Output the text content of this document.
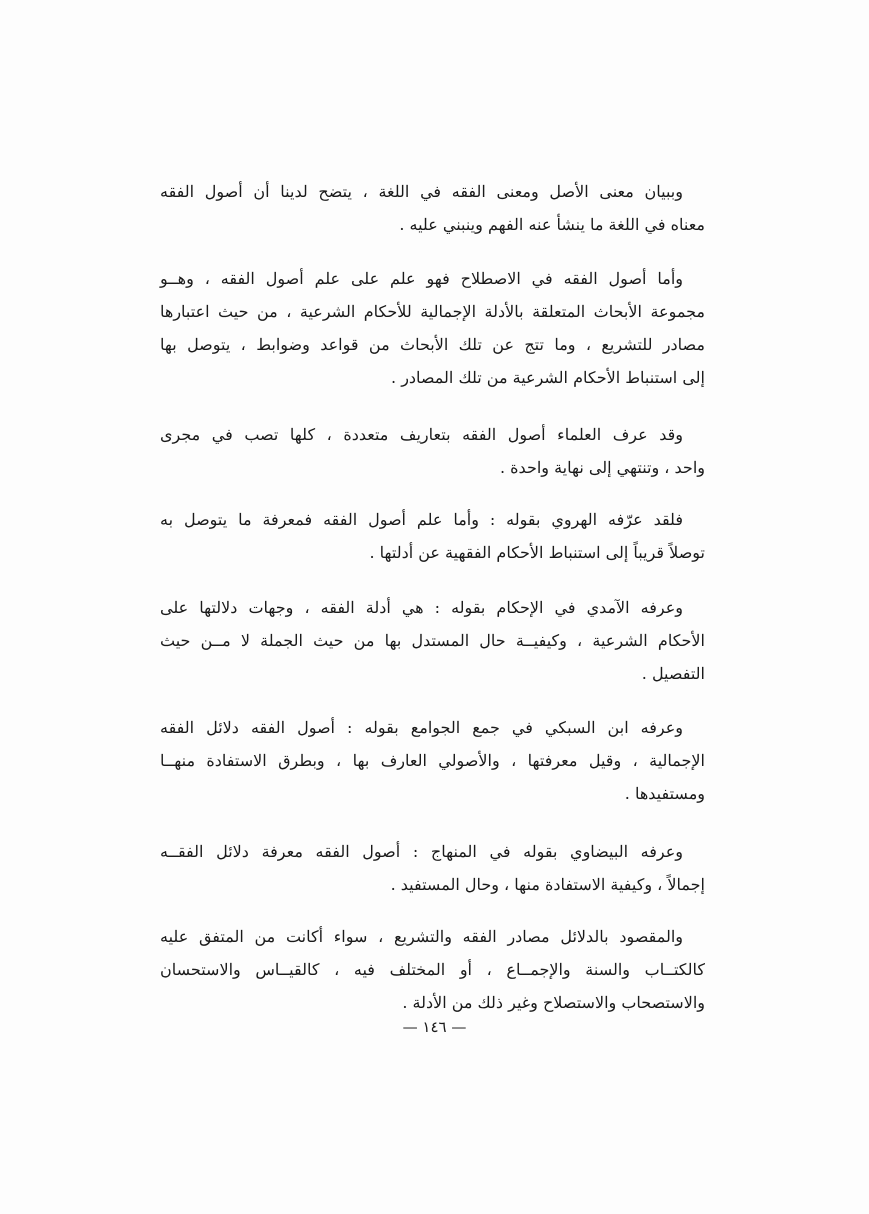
وببيان معنى الأصل ومعنى الفقه في اللغة ، يتضح لدينا أن أصول الفقه
معناه في اللغة ما ينشأ عنه الفهم وينبني عليه .
وأما أصول الفقه في الاصطلاح فهو علم على علم أصول الفقه ، وهــو
مجموعة الأبحاث المتعلقة بالأدلة الإجمالية للأحكام الشرعية ، من حيث اعتبارها
مصادر للتشريع ، وما تتج عن تلك الأبحاث من قواعد وضوابط ، يتوصل بها
إلى استنباط الأحكام الشرعية من تلك المصادر .
وقد عرف العلماء أصول الفقه بتعاريف متعددة ، كلها تصب في مجرى
واحد ، وتنتهي إلى نهاية واحدة .
فلقد عرّفه الهروي بقوله : وأما علم أصول الفقه فمعرفة ما يتوصل به
توصلاً قريباً إلى استنباط الأحكام الفقهية عن أدلتها .
وعرفه الآمدي في الإحكام بقوله : هي أدلة الفقه ، وجهات دلالتها على
الأحكام الشرعية ، وكيفيــة حال المستدل بها من حيث الجملة لا مــن حيث
التفصيل .
وعرفه ابن السبكي في جمع الجوامع بقوله : أصول الفقه دلائل الفقه
الإجمالية ، وقيل معرفتها ، والأصولي العارف بها ، وبطرق الاستفادة منهــا
ومستفيدها .
وعرفه البيضاوي بقوله في المنهاج : أصول الفقه معرفة دلائل الفقــه
إجمالاً ، وكيفية الاستفادة منها ، وحال المستفيد .
والمقصود بالدلائل مصادر الفقه والتشريع ، سواء أكانت من المتفق عليه
كالكتــاب والسنة والإجمــاع ، أو المختلف فيه ، كالقيــاس والاستحسان
والاستصحاب والاستصلاح وغير ذلك من الأدلة .
— ١٤٦ —
